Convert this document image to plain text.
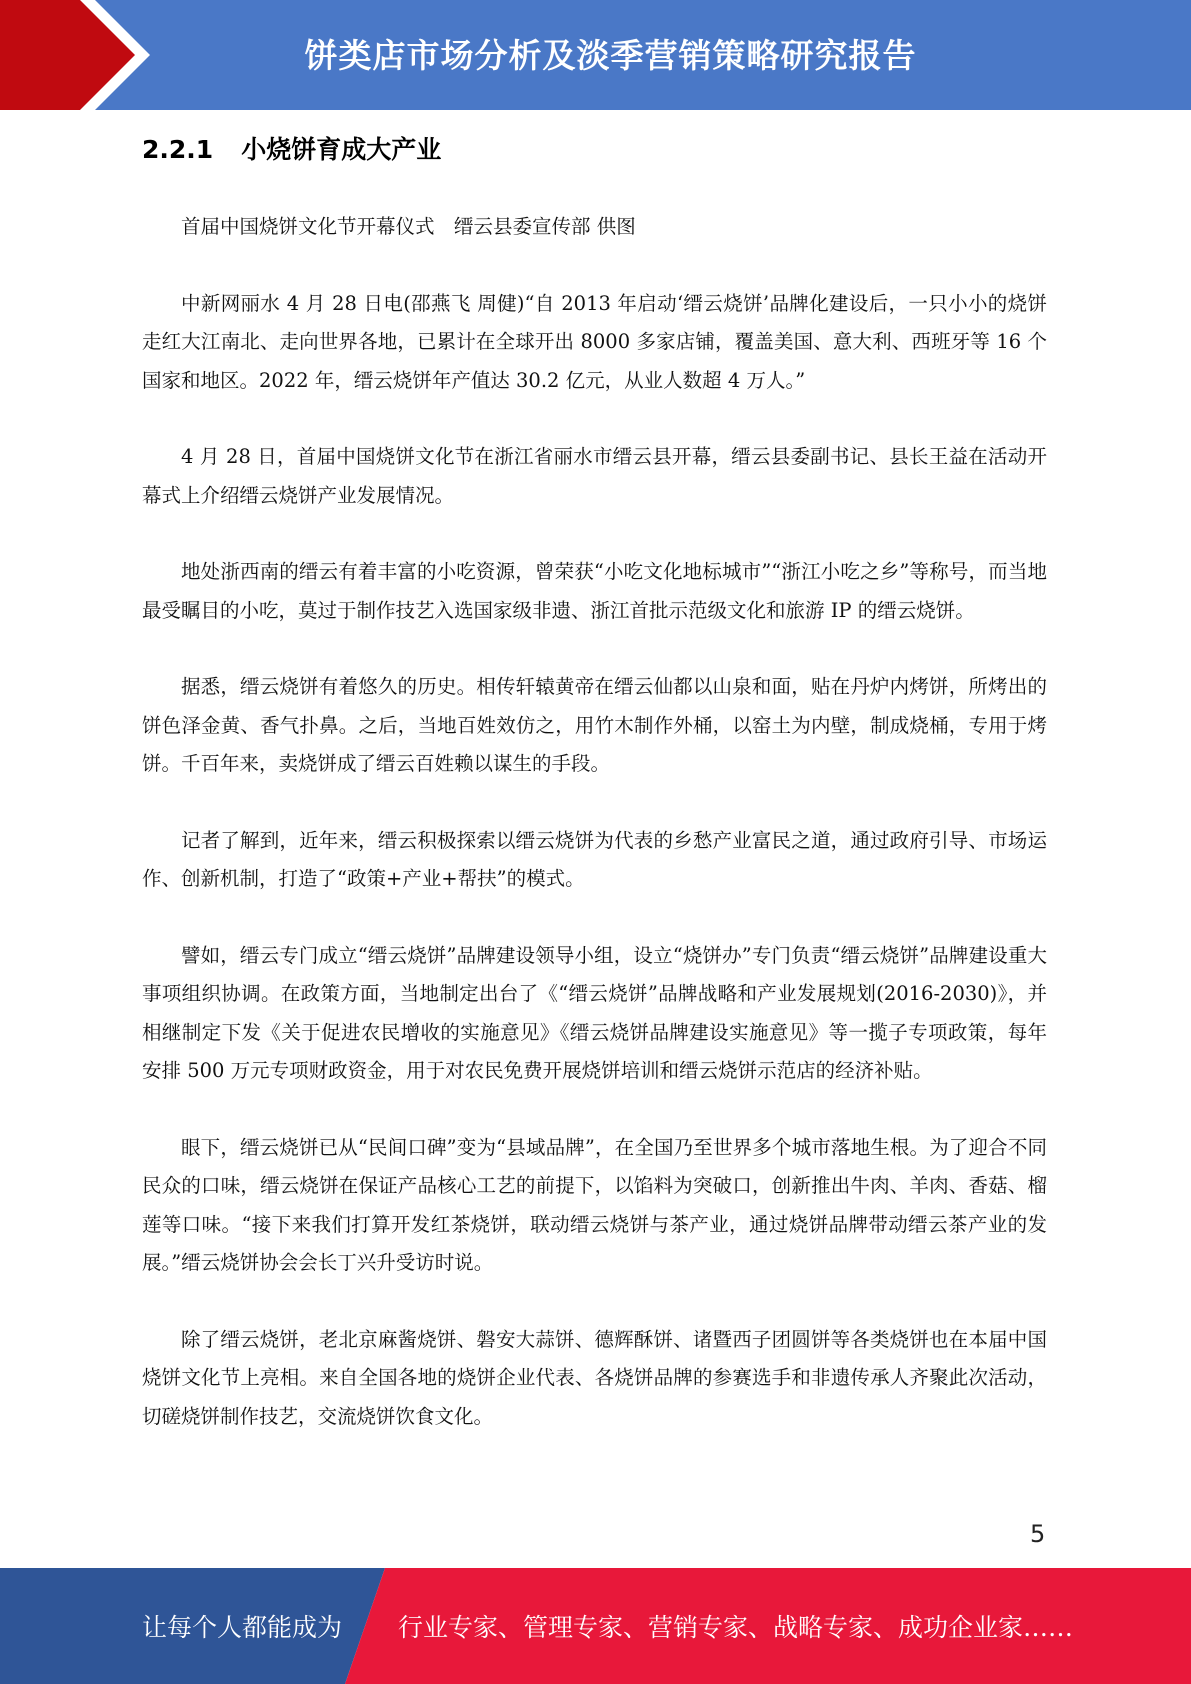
饼类店市场分析及淡季营销策略研究报告
2.2.1 小烧饼育成大产业

首届中国烧饼文化节开幕仪式　缙云县委宣传部 供图

中新网丽水 4 月 28 日电(邵燕飞 周健)“自 2013 年启动‘缙云烧饼’品牌化建设后，一只小小的烧饼走红大江南北、走向世界各地，已累计在全球开出 8000 多家店铺，覆盖美国、意大利、西班牙等 16 个国家和地区。2022 年，缙云烧饼年产值达 30.2 亿元，从业人数超 4 万人。”

4 月 28 日，首届中国烧饼文化节在浙江省丽水市缙云县开幕，缙云县委副书记、县长王益在活动开幕式上介绍缙云烧饼产业发展情况。

地处浙西南的缙云有着丰富的小吃资源，曾荣获“小吃文化地标城市”“浙江小吃之乡”等称号，而当地最受瞩目的小吃，莫过于制作技艺入选国家级非遗、浙江首批示范级文化和旅游 IP 的缙云烧饼。

据悉，缙云烧饼有着悠久的历史。相传轩辕黄帝在缙云仙都以山泉和面，贴在丹炉内烤饼，所烤出的饼色泽金黄、香气扑鼻。之后，当地百姓效仿之，用竹木制作外桶，以窑土为内壁，制成烧桶，专用于烤饼。千百年来，卖烧饼成了缙云百姓赖以谋生的手段。

记者了解到，近年来，缙云积极探索以缙云烧饼为代表的乡愁产业富民之道，通过政府引导、市场运作、创新机制，打造了“政策+产业+帮扶”的模式。

譬如，缙云专门成立“缙云烧饼”品牌建设领导小组，设立“烧饼办”专门负责“缙云烧饼”品牌建设重大事项组织协调。在政策方面，当地制定出台了《“缙云烧饼”品牌战略和产业发展规划(2016-2030)》，并相继制定下发《关于促进农民增收的实施意见》《缙云烧饼品牌建设实施意见》等一揽子专项政策，每年安排 500 万元专项财政资金，用于对农民免费开展烧饼培训和缙云烧饼示范店的经济补贴。

眼下，缙云烧饼已从“民间口碑”变为“县域品牌”，在全国乃至世界多个城市落地生根。为了迎合不同民众的口味，缙云烧饼在保证产品核心工艺的前提下，以馅料为突破口，创新推出牛肉、羊肉、香菇、榴莲等口味。“接下来我们打算开发红茶烧饼，联动缙云烧饼与茶产业，通过烧饼品牌带动缙云茶产业的发展。”缙云烧饼协会会长丁兴升受访时说。

除了缙云烧饼，老北京麻酱烧饼、磐安大蒜饼、德辉酥饼、诸暨西子团圆饼等各类烧饼也在本届中国烧饼文化节上亮相。来自全国各地的烧饼企业代表、各烧饼品牌的参赛选手和非遗传承人齐聚此次活动，切磋烧饼制作技艺，交流烧饼饮食文化。

5
让每个人都能成为 行业专家、管理专家、营销专家、战略专家、成功企业家……
